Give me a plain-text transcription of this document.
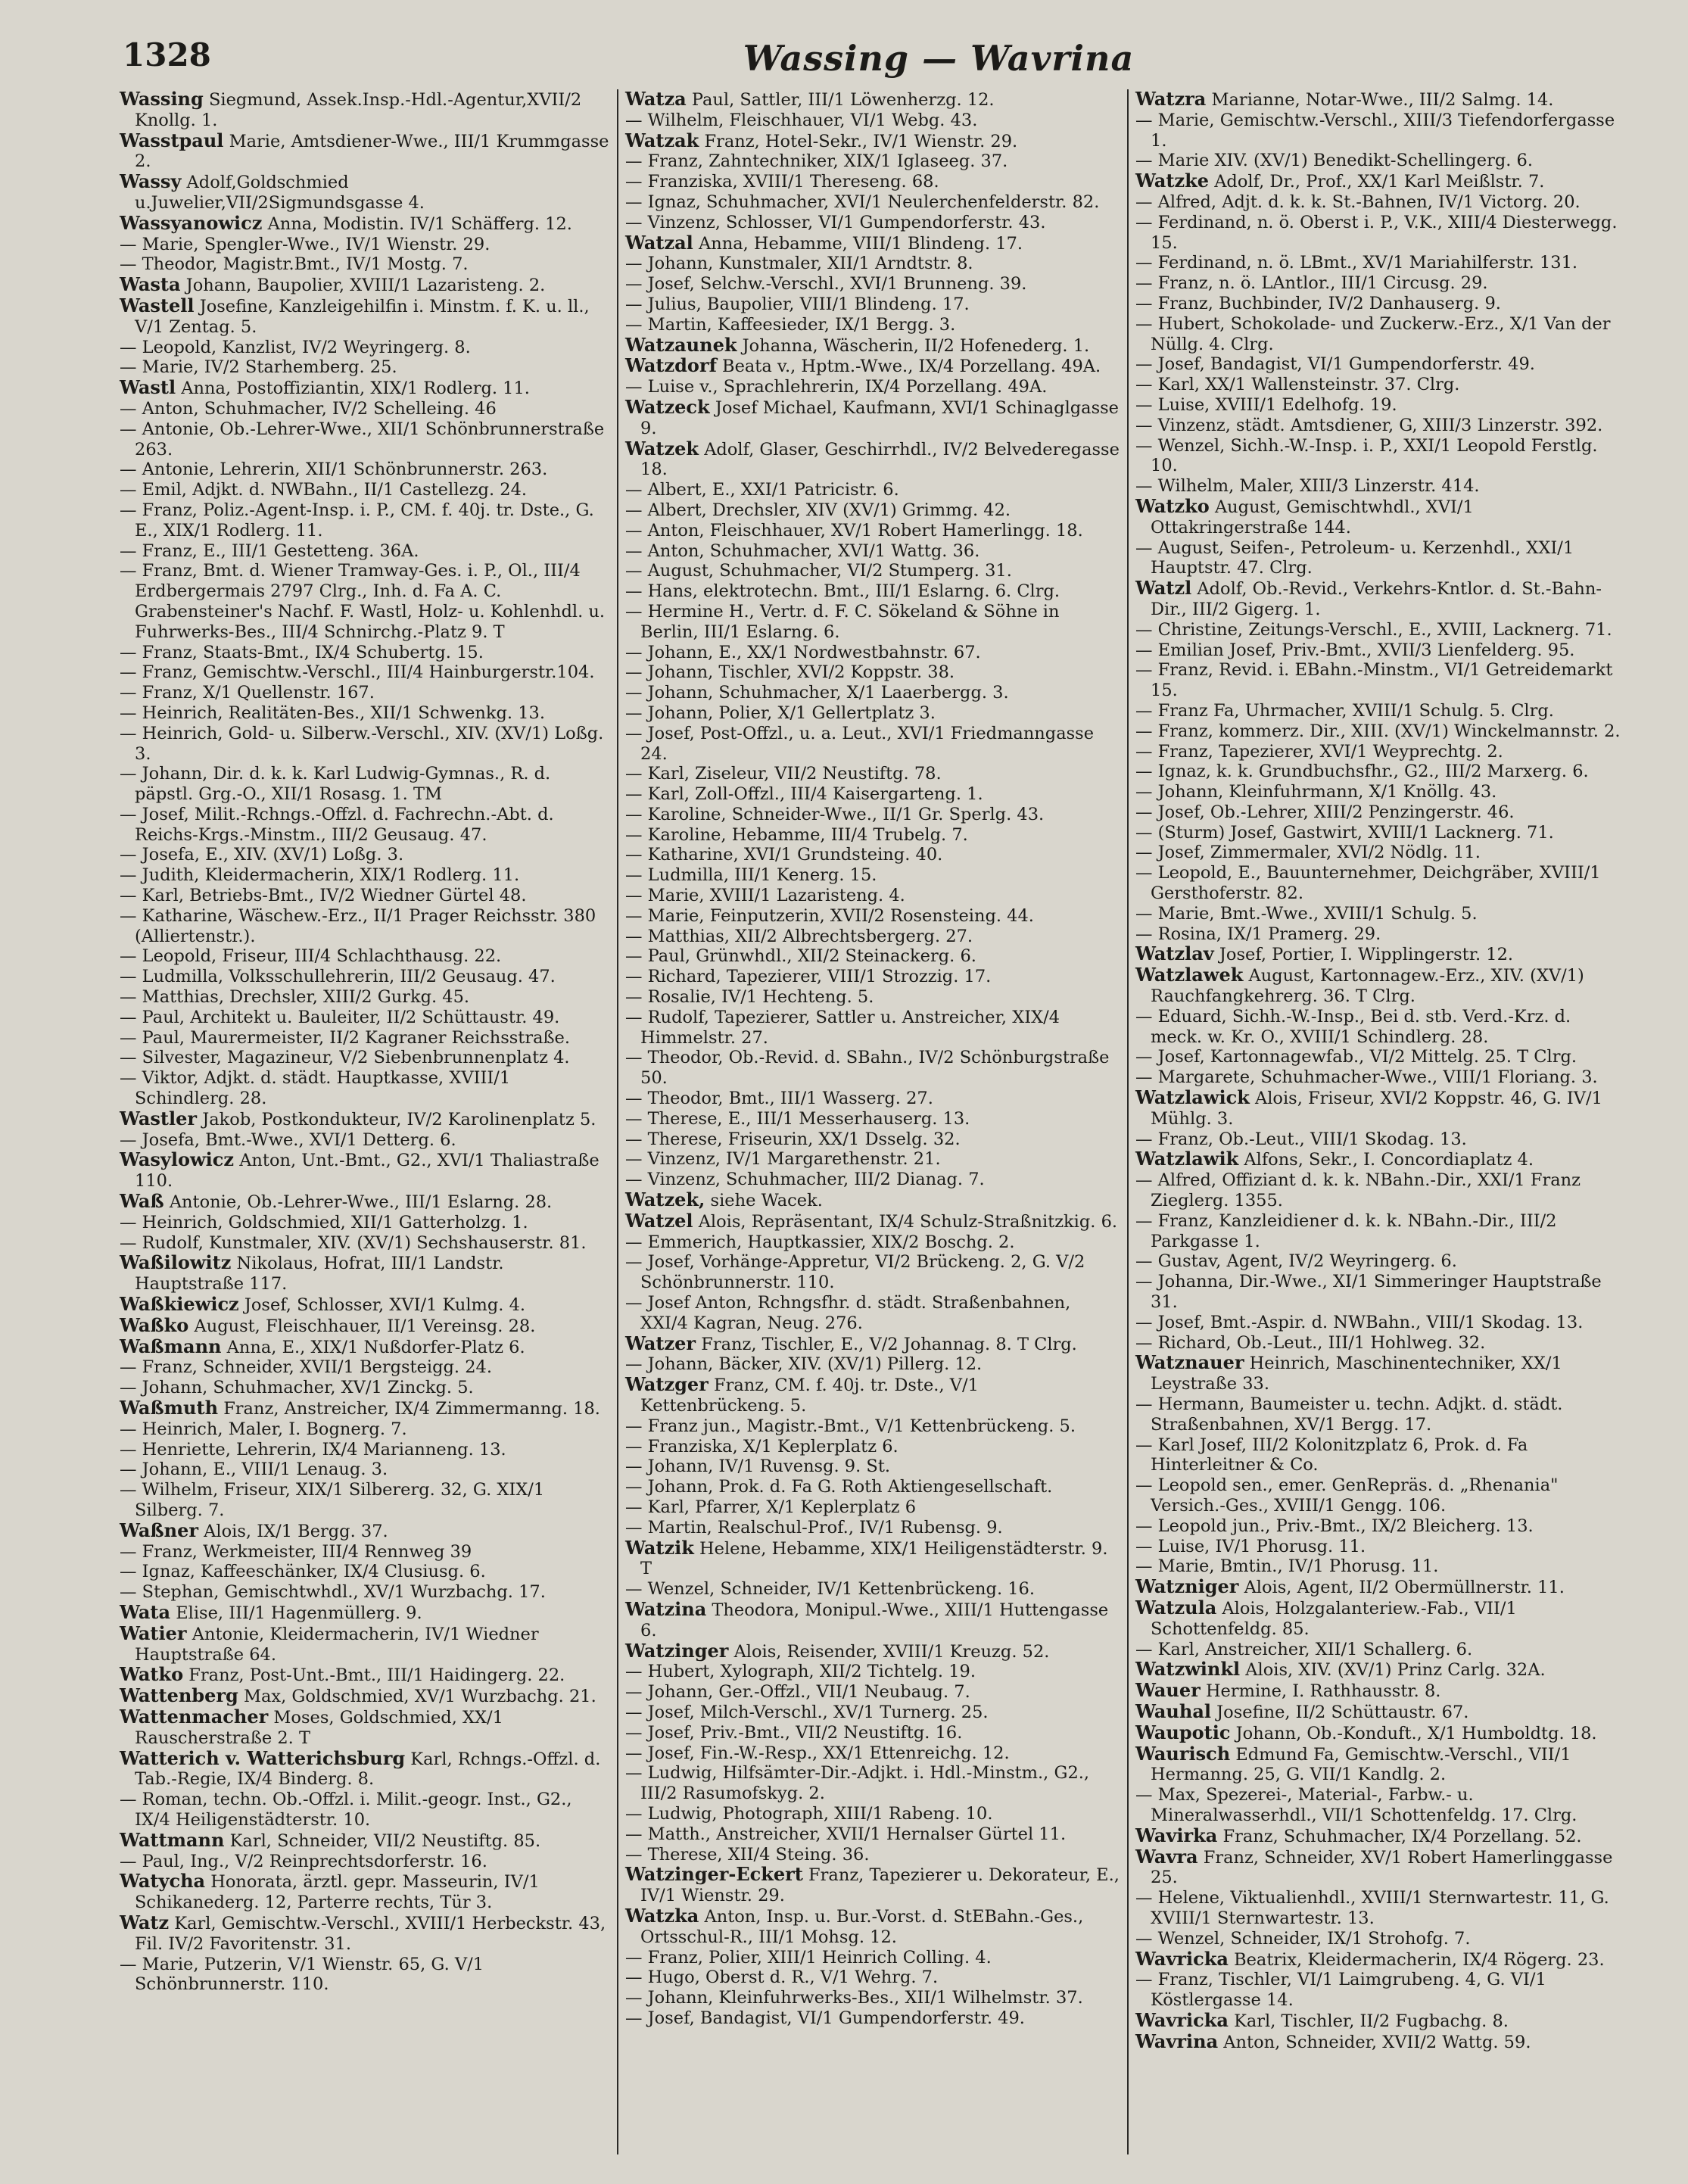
1328	Wassing — Wavrina

Wassing Siegmund, Assek.Insp.-Hdl.-Agentur,XVII/2 Knollg. 1.

Wasstpaul Marie, Amtsdiener-Wwe., III/1 Krummgasse 2.

Wassy Adolf,Goldschmied u.Juwelier,VII/2Sigmundsgasse 4.

Wassyanowicz Anna, Modistin. IV/1 Schäfferg. 12.

— Marie, Spengler-Wwe., IV/1 Wienstr. 29.

— Theodor, Magistr.Bmt., IV/1 Mostg. 7.

Wasta Johann, Baupolier, XVIII/1 Lazaristeng. 2.

Wastell Josefine, Kanzleigehilfin i. Minstm. f. K. u. ll., V/1 Zentag. 5.

— Leopold, Kanzlist, IV/2 Weyringerg. 8.

— Marie, IV/2 Starhemberg. 25.

Wastl Anna, Postoffiziantin, XIX/1 Rodlerg. 11.

— Anton, Schuhmacher, IV/2 Schelleing. 46

— Antonie, Ob.-Lehrer-Wwe., XII/1 Schönbrunnerstraße 263.

— Antonie, Lehrerin, XII/1 Schönbrunnerstr. 263.

— Emil, Adjkt. d. NWBahn., II/1 Castellezg. 24.

— Franz, Poliz.-Agent-Insp. i. P., CM. f. 40j. tr. Dste., G. E., XIX/1 Rodlerg. 11.

— Franz, E., III/1 Gestetteng. 36A.

— Franz, Bmt. d. Wiener Tramway-Ges. i. P., Ol., III/4 Erdbergermais 2797 Clrg., Inh. d. Fa A. C. Grabensteiner's Nachf. F. Wastl, Holz- u. Kohlenhdl. u. Fuhrwerks-Bes., III/4 Schnirchg.-Platz 9. T

— Franz, Staats-Bmt., IX/4 Schubertg. 15.

— Franz, Gemischtw.-Verschl., III/4 Hainburgerstr.104.

— Franz, X/1 Quellenstr. 167.

— Heinrich, Realitäten-Bes., XII/1 Schwenkg. 13.

— Heinrich, Gold- u. Silberw.-Verschl., XIV. (XV/1) Loßg. 3.

— Johann, Dir. d. k. k. Karl Ludwig-Gymnas., R. d. päpstl. Grg.-O., XII/1 Rosasg. 1. TM

— Josef, Milit.-Rchngs.-Offzl. d. Fachrechn.-Abt. d. Reichs-Krgs.-Minstm., III/2 Geusaug. 47.

— Josefa, E., XIV. (XV/1) Loßg. 3.

— Judith, Kleidermacherin, XIX/1 Rodlerg. 11.

— Karl, Betriebs-Bmt., IV/2 Wiedner Gürtel 48.

— Katharine, Wäschew.-Erz., II/1 Prager Reichsstr. 380 (Alliertenstr.).

— Leopold, Friseur, III/4 Schlachthausg. 22.

— Ludmilla, Volksschullehrerin, III/2 Geusaug. 47.

— Matthias, Drechsler, XIII/2 Gurkg. 45.

— Paul, Architekt u. Bauleiter, II/2 Schüttaustr. 49.

— Paul, Maurermeister, II/2 Kagraner Reichsstraße.

— Silvester, Magazineur, V/2 Siebenbrunnenplatz 4.

— Viktor, Adjkt. d. städt. Hauptkasse, XVIII/1 Schindlerg. 28.

Wastler Jakob, Postkondukteur, IV/2 Karolinenplatz 5.

— Josefa, Bmt.-Wwe., XVI/1 Detterg. 6.

Wasylowicz Anton, Unt.-Bmt., G2., XVI/1 Thaliastraße 110.

Waß Antonie, Ob.-Lehrer-Wwe., III/1 Eslarng. 28.

— Heinrich, Goldschmied, XII/1 Gatterholzg. 1.

— Rudolf, Kunstmaler, XIV. (XV/1) Sechshauserstr. 81.

Waßilowitz Nikolaus, Hofrat, III/1 Landstr. Hauptstraße 117.

Waßkiewicz Josef, Schlosser, XVI/1 Kulmg. 4.

Waßko August, Fleischhauer, II/1 Vereinsg. 28.

Waßmann Anna, E., XIX/1 Nußdorfer-Platz 6.

— Franz, Schneider, XVII/1 Bergsteigg. 24.

— Johann, Schuhmacher, XV/1 Zinckg. 5.

Waßmuth Franz, Anstreicher, IX/4 Zimmermanng. 18.

— Heinrich, Maler, I. Bognerg. 7.

— Henriette, Lehrerin, IX/4 Marianneng. 13.

— Johann, E., VIII/1 Lenaug. 3.

— Wilhelm, Friseur, XIX/1 Silbererg. 32, G. XIX/1 Silberg. 7.

Waßner Alois, IX/1 Bergg. 37.

— Franz, Werkmeister, III/4 Rennweg 39

— Ignaz, Kaffeeschänker, IX/4 Clusiusg. 6.

— Stephan, Gemischtwhdl., XV/1 Wurzbachg. 17.

Wata Elise, III/1 Hagenmüllerg. 9.

Watier Antonie, Kleidermacherin, IV/1 Wiedner Hauptstraße 64.

Watko Franz, Post-Unt.-Bmt., III/1 Haidingerg. 22.

Wattenberg Max, Goldschmied, XV/1 Wurzbachg. 21.

Wattenmacher Moses, Goldschmied, XX/1 Rauscherstraße 2. T

Watterich v. Watterichsburg Karl, Rchngs.-Offzl. d. Tab.-Regie, IX/4 Binderg. 8.

— Roman, techn. Ob.-Offzl. i. Milit.-geogr. Inst., G2., IX/4 Heiligenstädterstr. 10.

Wattmann Karl, Schneider, VII/2 Neustiftg. 85.

— Paul, Ing., V/2 Reinprechtsdorferstr. 16.

Watycha Honorata, ärztl. gepr. Masseurin, IV/1 Schikanederg. 12, Parterre rechts, Tür 3.

Watz Karl, Gemischtw.-Verschl., XVIII/1 Herbeckstr. 43, Fil. IV/2 Favoritenstr. 31.

— Marie, Putzerin, V/1 Wienstr. 65, G. V/1 Schönbrunnerstr. 110.

Watza Paul, Sattler, III/1 Löwenherzg. 12.

— Wilhelm, Fleischhauer, VI/1 Webg. 43.

Watzak Franz, Hotel-Sekr., IV/1 Wienstr. 29.

— Franz, Zahntechniker, XIX/1 Iglaseeg. 37.

— Franziska, XVIII/1 Thereseng. 68.

— Ignaz, Schuhmacher, XVI/1 Neulerchenfelderstr. 82.

— Vinzenz, Schlosser, VI/1 Gumpendorferstr. 43.

Watzal Anna, Hebamme, VIII/1 Blindeng. 17.

— Johann, Kunstmaler, XII/1 Arndtstr. 8.

— Josef, Selchw.-Verschl., XVI/1 Brunneng. 39.

— Julius, Baupolier, VIII/1 Blindeng. 17.

— Martin, Kaffeesieder, IX/1 Bergg. 3.

Watzaunek Johanna, Wäscherin, II/2 Hofenederg. 1.

Watzdorf Beata v., Hptm.-Wwe., IX/4 Porzellang. 49A.

— Luise v., Sprachlehrerin, IX/4 Porzellang. 49A.

Watzeck Josef Michael, Kaufmann, XVI/1 Schinaglgasse 9.

Watzek Adolf, Glaser, Geschirrhdl., IV/2 Belvederegasse 18.

— Albert, E., XXI/1 Patricistr. 6.

— Albert, Drechsler, XIV (XV/1) Grimmg. 42.

— Anton, Fleischhauer, XV/1 Robert Hamerlingg. 18.

— Anton, Schuhmacher, XVI/1 Wattg. 36.

— August, Schuhmacher, VI/2 Stumperg. 31.

— Hans, elektrotechn. Bmt., III/1 Eslarng. 6. Clrg.

— Hermine H., Vertr. d. F. C. Sökeland & Söhne in Berlin, III/1 Eslarng. 6.

— Johann, E., XX/1 Nordwestbahnstr. 67.

— Johann, Tischler, XVI/2 Koppstr. 38.

— Johann, Schuhmacher, X/1 Laaerbergg. 3.

— Johann, Polier, X/1 Gellertplatz 3.

— Josef, Post-Offzl., u. a. Leut., XVI/1 Friedmanngasse 24.

— Karl, Ziseleur, VII/2 Neustiftg. 78.

— Karl, Zoll-Offzl., III/4 Kaisergarteng. 1.

— Karoline, Schneider-Wwe., II/1 Gr. Sperlg. 43.

— Karoline, Hebamme, III/4 Trubelg. 7.

— Katharine, XVI/1 Grundsteing. 40.

— Ludmilla, III/1 Kenerg. 15.

— Marie, XVIII/1 Lazaristeng. 4.

— Marie, Feinputzerin, XVII/2 Rosensteing. 44.

— Matthias, XII/2 Albrechtsbergerg. 27.

— Paul, Grünwhdl., XII/2 Steinackerg. 6.

— Richard, Tapezierer, VIII/1 Strozzig. 17.

— Rosalie, IV/1 Hechteng. 5.

— Rudolf, Tapezierer, Sattler u. Anstreicher, XIX/4 Himmelstr. 27.

— Theodor, Ob.-Revid. d. SBahn., IV/2 Schönburgstraße 50.

— Theodor, Bmt., III/1 Wasserg. 27.

— Therese, E., III/1 Messerhauserg. 13.

— Therese, Friseurin, XX/1 Dsselg. 32.

— Vinzenz, IV/1 Margarethenstr. 21.

— Vinzenz, Schuhmacher, III/2 Dianag. 7.

Watzek, siehe Wacek.

Watzel Alois, Repräsentant, IX/4 Schulz-Straßnitzkig. 6.

— Emmerich, Hauptkassier, XIX/2 Boschg. 2.

— Josef, Vorhänge-Appretur, VI/2 Brückeng. 2, G. V/2 Schönbrunnerstr. 110.

— Josef Anton, Rchngsfhr. d. städt. Straßenbahnen, XXI/4 Kagran, Neug. 276.

Watzer Franz, Tischler, E., V/2 Johannag. 8. T Clrg.

— Johann, Bäcker, XIV. (XV/1) Pillerg. 12.

Watzger Franz, CM. f. 40j. tr. Dste., V/1 Kettenbrückeng. 5.

— Franz jun., Magistr.-Bmt., V/1 Kettenbrückeng. 5.

— Franziska, X/1 Keplerplatz 6.

— Johann, IV/1 Ruvensg. 9. St.

— Johann, Prok. d. Fa G. Roth Aktiengesellschaft.

— Karl, Pfarrer, X/1 Keplerplatz 6

— Martin, Realschul-Prof., IV/1 Rubensg. 9.

Watzik Helene, Hebamme, XIX/1 Heiligenstädterstr. 9. T

— Wenzel, Schneider, IV/1 Kettenbrückeng. 16.

Watzina Theodora, Monipul.-Wwe., XIII/1 Huttengasse 6.

Watzinger Alois, Reisender, XVIII/1 Kreuzg. 52.

— Hubert, Xylograph, XII/2 Tichtelg. 19.

— Johann, Ger.-Offzl., VII/1 Neubaug. 7.

— Josef, Milch-Verschl., XV/1 Turnerg. 25.

— Josef, Priv.-Bmt., VII/2 Neustiftg. 16.

— Josef, Fin.-W.-Resp., XX/1 Ettenreichg. 12.

— Ludwig, Hilfsämter-Dir.-Adjkt. i. Hdl.-Minstm., G2., III/2 Rasumofskyg. 2.

— Ludwig, Photograph, XIII/1 Rabeng. 10.

— Matth., Anstreicher, XVII/1 Hernalser Gürtel 11.

— Therese, XII/4 Steing. 36.

Watzinger-Eckert Franz, Tapezierer u. Dekorateur, E., IV/1 Wienstr. 29.

Watzka Anton, Insp. u. Bur.-Vorst. d. StEBahn.-Ges., Ortsschul-R., III/1 Mohsg. 12.

— Franz, Polier, XIII/1 Heinrich Colling. 4.

— Hugo, Oberst d. R., V/1 Wehrg. 7.

— Johann, Kleinfuhrwerks-Bes., XII/1 Wilhelmstr. 37.

— Josef, Bandagist, VI/1 Gumpendorferstr. 49.

Watzra Marianne, Notar-Wwe., III/2 Salmg. 14.

— Marie, Gemischtw.-Verschl., XIII/3 Tiefendorfergasse 1.

— Marie XIV. (XV/1) Benedikt-Schellingerg. 6.

Watzke Adolf, Dr., Prof., XX/1 Karl Meißlstr. 7.

— Alfred, Adjt. d. k. k. St.-Bahnen, IV/1 Victorg. 20.

— Ferdinand, n. ö. Oberst i. P., V.K., XIII/4 Diesterwegg. 15.

— Ferdinand, n. ö. LBmt., XV/1 Mariahilferstr. 131.

— Franz, n. ö. LAntlor., III/1 Circusg. 29.

— Franz, Buchbinder, IV/2 Danhauserg. 9.

— Hubert, Schokolade- und Zuckerw.-Erz., X/1 Van der Nüllg. 4. Clrg.

— Josef, Bandagist, VI/1 Gumpendorferstr. 49.

— Karl, XX/1 Wallensteinstr. 37. Clrg.

— Luise, XVIII/1 Edelhofg. 19.

— Vinzenz, städt. Amtsdiener, G, XIII/3 Linzerstr. 392.

— Wenzel, Sichh.-W.-Insp. i. P., XXI/1 Leopold Ferstlg. 10.

— Wilhelm, Maler, XIII/3 Linzerstr. 414.

Watzko August, Gemischtwhdl., XVI/1 Ottakringerstraße 144.

— August, Seifen-, Petroleum- u. Kerzenhdl., XXI/1 Hauptstr. 47. Clrg.

Watzl Adolf, Ob.-Revid., Verkehrs-Kntlor. d. St.-Bahn-Dir., III/2 Gigerg. 1.

— Christine, Zeitungs-Verschl., E., XVIII, Lacknerg. 71.

— Emilian Josef, Priv.-Bmt., XVII/3 Lienfelderg. 95.

— Franz, Revid. i. EBahn.-Minstm., VI/1 Getreidemarkt 15.

— Franz Fa, Uhrmacher, XVIII/1 Schulg. 5. Clrg.

— Franz, kommerz. Dir., XIII. (XV/1) Winckelmannstr. 2.

— Franz, Tapezierer, XVI/1 Weyprechtg. 2.

— Ignaz, k. k. Grundbuchsfhr., G2., III/2 Marxerg. 6.

— Johann, Kleinfuhrmann, X/1 Knöllg. 43.

— Josef, Ob.-Lehrer, XIII/2 Penzingerstr. 46.

— (Sturm) Josef, Gastwirt, XVIII/1 Lacknerg. 71.

— Josef, Zimmermaler, XVI/2 Nödlg. 11.

— Leopold, E., Bauunternehmer, Deichgräber, XVIII/1 Gersthoferstr. 82.

— Marie, Bmt.-Wwe., XVIII/1 Schulg. 5.

— Rosina, IX/1 Pramerg. 29.

Watzlav Josef, Portier, I. Wipplingerstr. 12.

Watzlawek August, Kartonnagew.-Erz., XIV. (XV/1) Rauchfangkehrerg. 36. T Clrg.

— Eduard, Sichh.-W.-Insp., Bei d. stb. Verd.-Krz. d. meck. w. Kr. O., XVIII/1 Schindlerg. 28.

— Josef, Kartonnagewfab., VI/2 Mittelg. 25. T Clrg.

— Margarete, Schuhmacher-Wwe., VIII/1 Floriang. 3.

Watzlawick Alois, Friseur, XVI/2 Koppstr. 46, G. IV/1 Mühlg. 3.

— Franz, Ob.-Leut., VIII/1 Skodag. 13.

Watzlawik Alfons, Sekr., I. Concordiaplatz 4.

— Alfred, Offiziant d. k. k. NBahn.-Dir., XXI/1 Franz Zieglerg. 1355.

— Franz, Kanzleidiener d. k. k. NBahn.-Dir., III/2 Parkgasse 1.

— Gustav, Agent, IV/2 Weyringerg. 6.

— Johanna, Dir.-Wwe., XI/1 Simmeringer Hauptstraße 31.

— Josef, Bmt.-Aspir. d. NWBahn., VIII/1 Skodag. 13.

— Richard, Ob.-Leut., III/1 Hohlweg. 32.

Watznauer Heinrich, Maschinentechniker, XX/1 Leystraße 33.

— Hermann, Baumeister u. techn. Adjkt. d. städt. Straßenbahnen, XV/1 Bergg. 17.

— Karl Josef, III/2 Kolonitzplatz 6, Prok. d. Fa Hinterleitner & Co.

— Leopold sen., emer. GenRepräs. d. „Rhenania" Versich.-Ges., XVIII/1 Gengg. 106.

— Leopold jun., Priv.-Bmt., IX/2 Bleicherg. 13.

— Luise, IV/1 Phorusg. 11.

— Marie, Bmtin., IV/1 Phorusg. 11.

Watzniger Alois, Agent, II/2 Obermüllnerstr. 11.

Watzula Alois, Holzgalanteriew.-Fab., VII/1 Schottenfeldg. 85.

— Karl, Anstreicher, XII/1 Schallerg. 6.

Watzwinkl Alois, XIV. (XV/1) Prinz Carlg. 32A.

Wauer Hermine, I. Rathhausstr. 8.

Wauhal Josefine, II/2 Schüttaustr. 67.

Waupotic Johann, Ob.-Konduft., X/1 Humboldtg. 18.

Waurisch Edmund Fa, Gemischtw.-Verschl., VII/1 Hermanng. 25, G. VII/1 Kandlg. 2.

— Max, Spezerei-, Material-, Farbw.- u. Mineralwasserhdl., VII/1 Schottenfeldg. 17. Clrg.

Wavirka Franz, Schuhmacher, IX/4 Porzellang. 52.

Wavra Franz, Schneider, XV/1 Robert Hamerlinggasse 25.

— Helene, Viktualienhdl., XVIII/1 Sternwartestr. 11, G. XVIII/1 Sternwartestr. 13.

— Wenzel, Schneider, IX/1 Strohofg. 7.

Wavricka Beatrix, Kleidermacherin, IX/4 Rögerg. 23.

— Franz, Tischler, VI/1 Laimgrubeng. 4, G. VI/1 Köstlergasse 14.

Wavricka Karl, Tischler, II/2 Fugbachg. 8.

Wavrina Anton, Schneider, XVII/2 Wattg. 59.
